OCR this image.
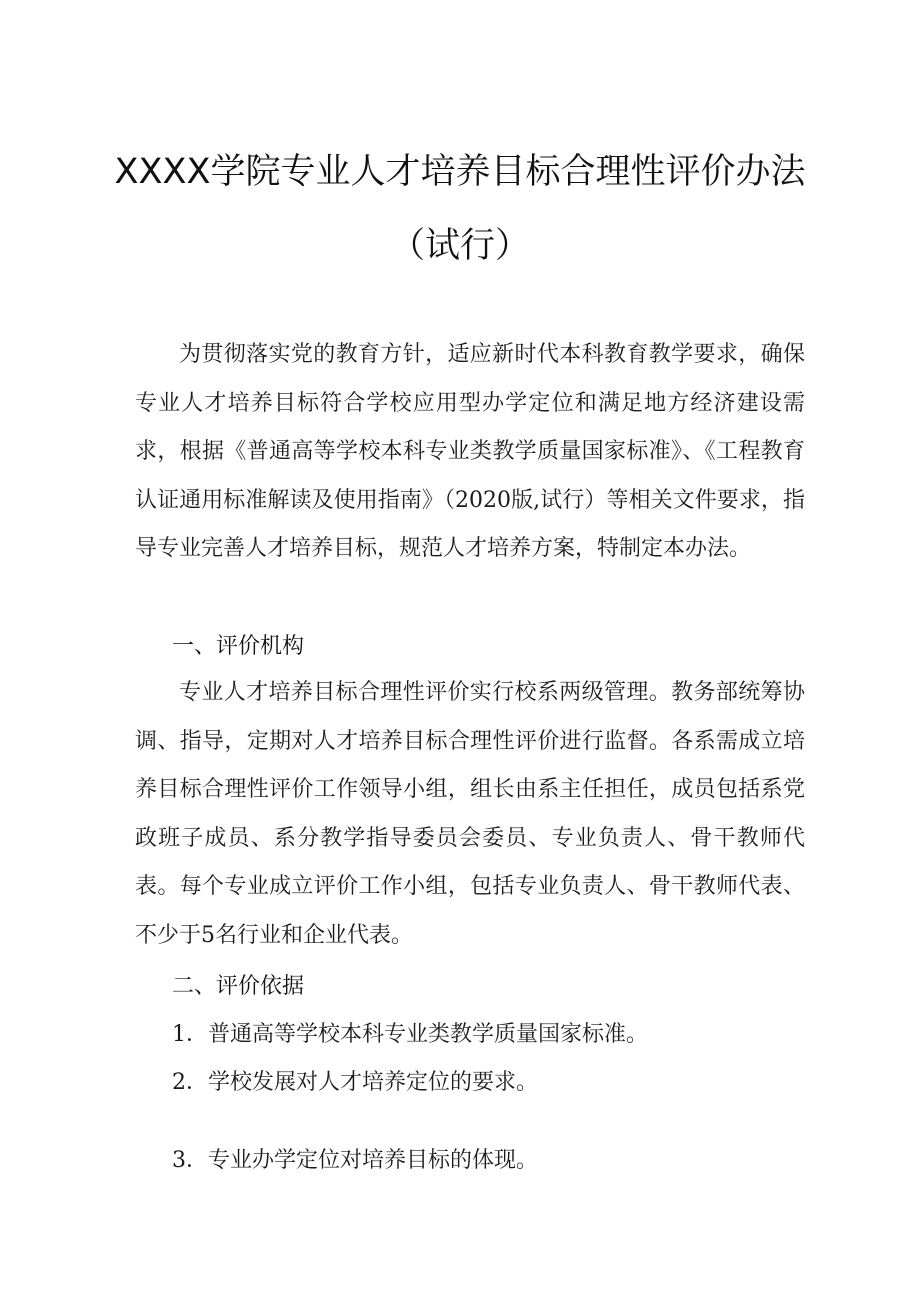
XXXX学院专业人才培养目标合理性评价办法
（试行）

为贯彻落实党的教育方针，适应新时代本科教育教学要求，确保专业人才培养目标符合学校应用型办学定位和满足地方经济建设需求，根据《普通高等学校本科专业类教学质量国家标准》、《工程教育认证通用标准解读及使用指南》（2020版,试行）等相关文件要求，指导专业完善人才培养目标，规范人才培养方案，特制定本办法。

一、评价机构

专业人才培养目标合理性评价实行校系两级管理。教务部统筹协调、指导，定期对人才培养目标合理性评价进行监督。各系需成立培养目标合理性评价工作领导小组，组长由系主任担任，成员包括系党政班子成员、系分教学指导委员会委员、专业负责人、骨干教师代表。每个专业成立评价工作小组，包括专业负责人、骨干教师代表、不少于5名行业和企业代表。

二、评价依据
1．普通高等学校本科专业类教学质量国家标准。
2．学校发展对人才培养定位的要求。
3．专业办学定位对培养目标的体现。
